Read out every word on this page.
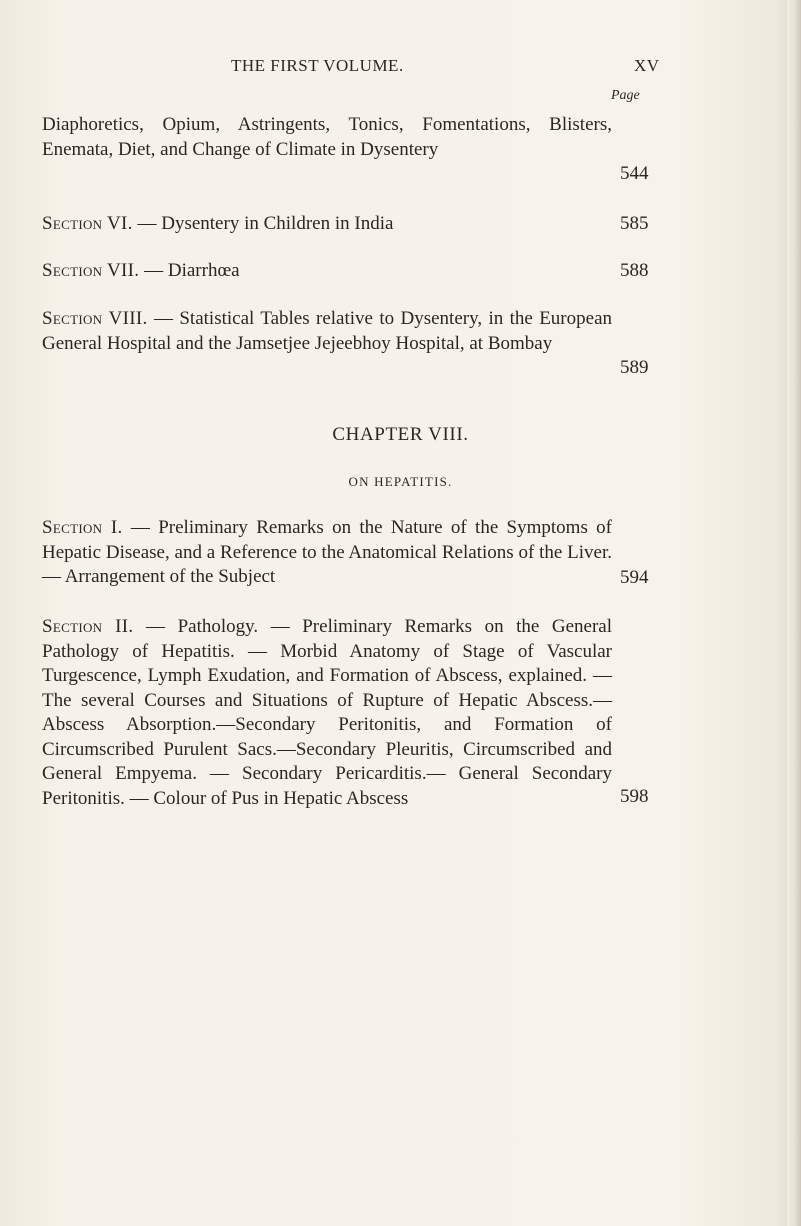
THE FIRST VOLUME.	XV
Page
Diaphoretics, Opium, Astringents, Tonics, Fomentations, Blisters, Enemata, Diet, and Change of Climate in Dysentery
544
Section VI. — Dysentery in Children in India	585
Section VII. — Diarrhœa	588
Section VIII. — Statistical Tables relative to Dysentery, in the European General Hospital and the Jamsetjee Jejeebhoy Hospital, at Bombay
589
CHAPTER VIII.
ON HEPATITIS.
Section I. — Preliminary Remarks on the Nature of the Symptoms of Hepatic Disease, and a Reference to the Anatomical Relations of the Liver. — Arrangement of the Subject	594
Section II. — Pathology. — Preliminary Remarks on the General Pathology of Hepatitis. — Morbid Anatomy of Stage of Vascular Turgescence, Lymph Exudation, and Formation of Abscess, explained. — The several Courses and Situations of Rupture of Hepatic Abscess.—Abscess Absorption.—Secondary Peritonitis, and Formation of Circumscribed Purulent Sacs.—Secondary Pleuritis, Circumscribed and General Empyema. — Secondary Pericarditis.— General Secondary Peritonitis. — Colour of Pus in Hepatic Abscess	598
